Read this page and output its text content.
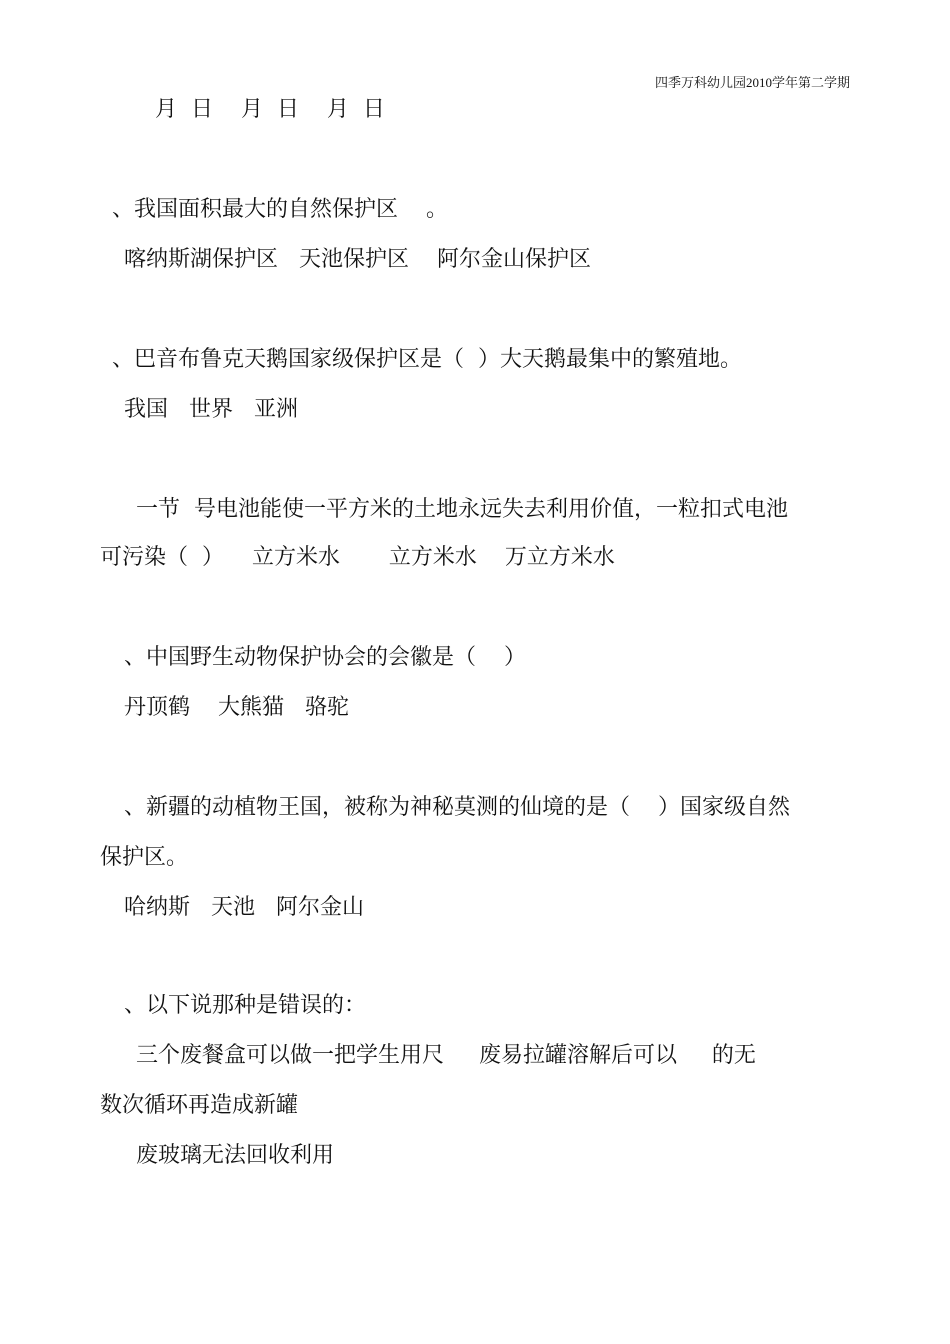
四季万科幼儿园2010学年第二学期
月  日    月  日    月  日
、我国面积最大的自然保护区    。
喀纳斯湖保护区   天池保护区    阿尔金山保护区
、巴音布鲁克天鹅国家级保护区是（  ）大天鹅最集中的繁殖地。
我国   世界   亚洲
一节  号电池能使一平方米的土地永远失去利用价值，一粒扣式电池
可污染（  ）    立方米水       立方米水    万立方米水
、中国野生动物保护协会的会徽是（    ）
丹顶鹤    大熊猫   骆驼
、新疆的动植物王国，被称为神秘莫测的仙境的是（    ）国家级自然
保护区。
哈纳斯   天池   阿尔金山
、以下说那种是错误的：
三个废餐盒可以做一把学生用尺     废易拉罐溶解后可以     的无
数次循环再造成新罐
废玻璃无法回收利用
